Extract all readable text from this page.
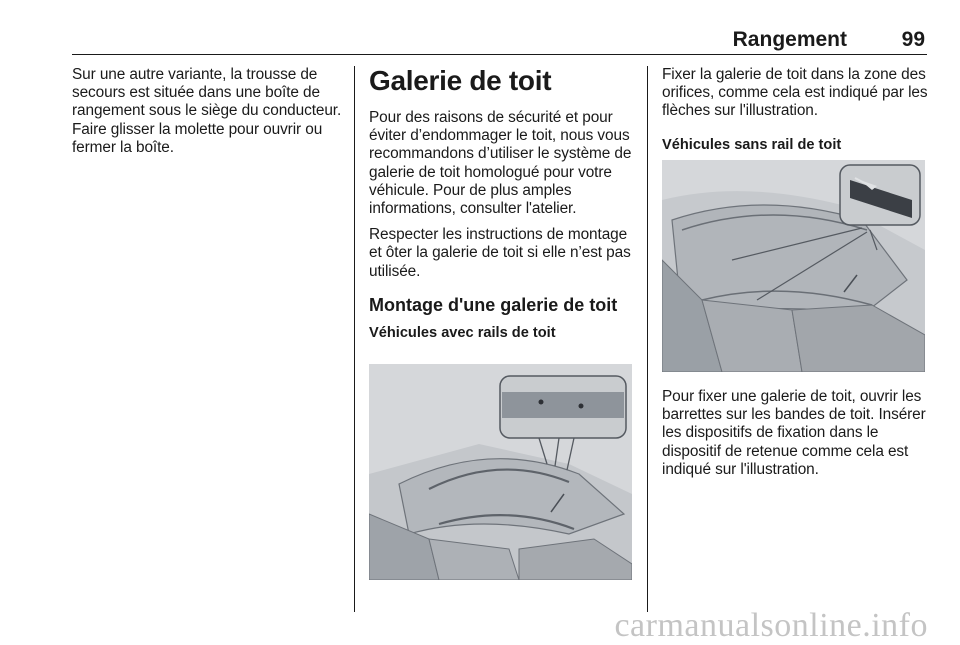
Rangement	99

Sur une autre variante, la trousse de secours est située dans une boîte de rangement sous le siège du conducteur. Faire glisser la molette pour ouvrir ou fermer la boîte.

Galerie de toit

Pour des raisons de sécurité et pour éviter d’endommager le toit, nous vous recommandons d’utiliser le système de galerie de toit homologué pour votre véhicule. Pour de plus amples informations, consulter l'atelier.

Respecter les instructions de montage et ôter la galerie de toit si elle n’est pas utilisée.

Montage d'une galerie de toit
Véhicules avec rails de toit

Fixer la galerie de toit dans la zone des orifices, comme cela est indiqué par les flèches sur l'illustration.

Véhicules sans rail de toit

Pour fixer une galerie de toit, ouvrir les barrettes sur les bandes de toit. Insérer les dispositifs de fixation dans le dispositif de retenue comme cela est indiqué sur l'illustration.

carmanualsonline.info
